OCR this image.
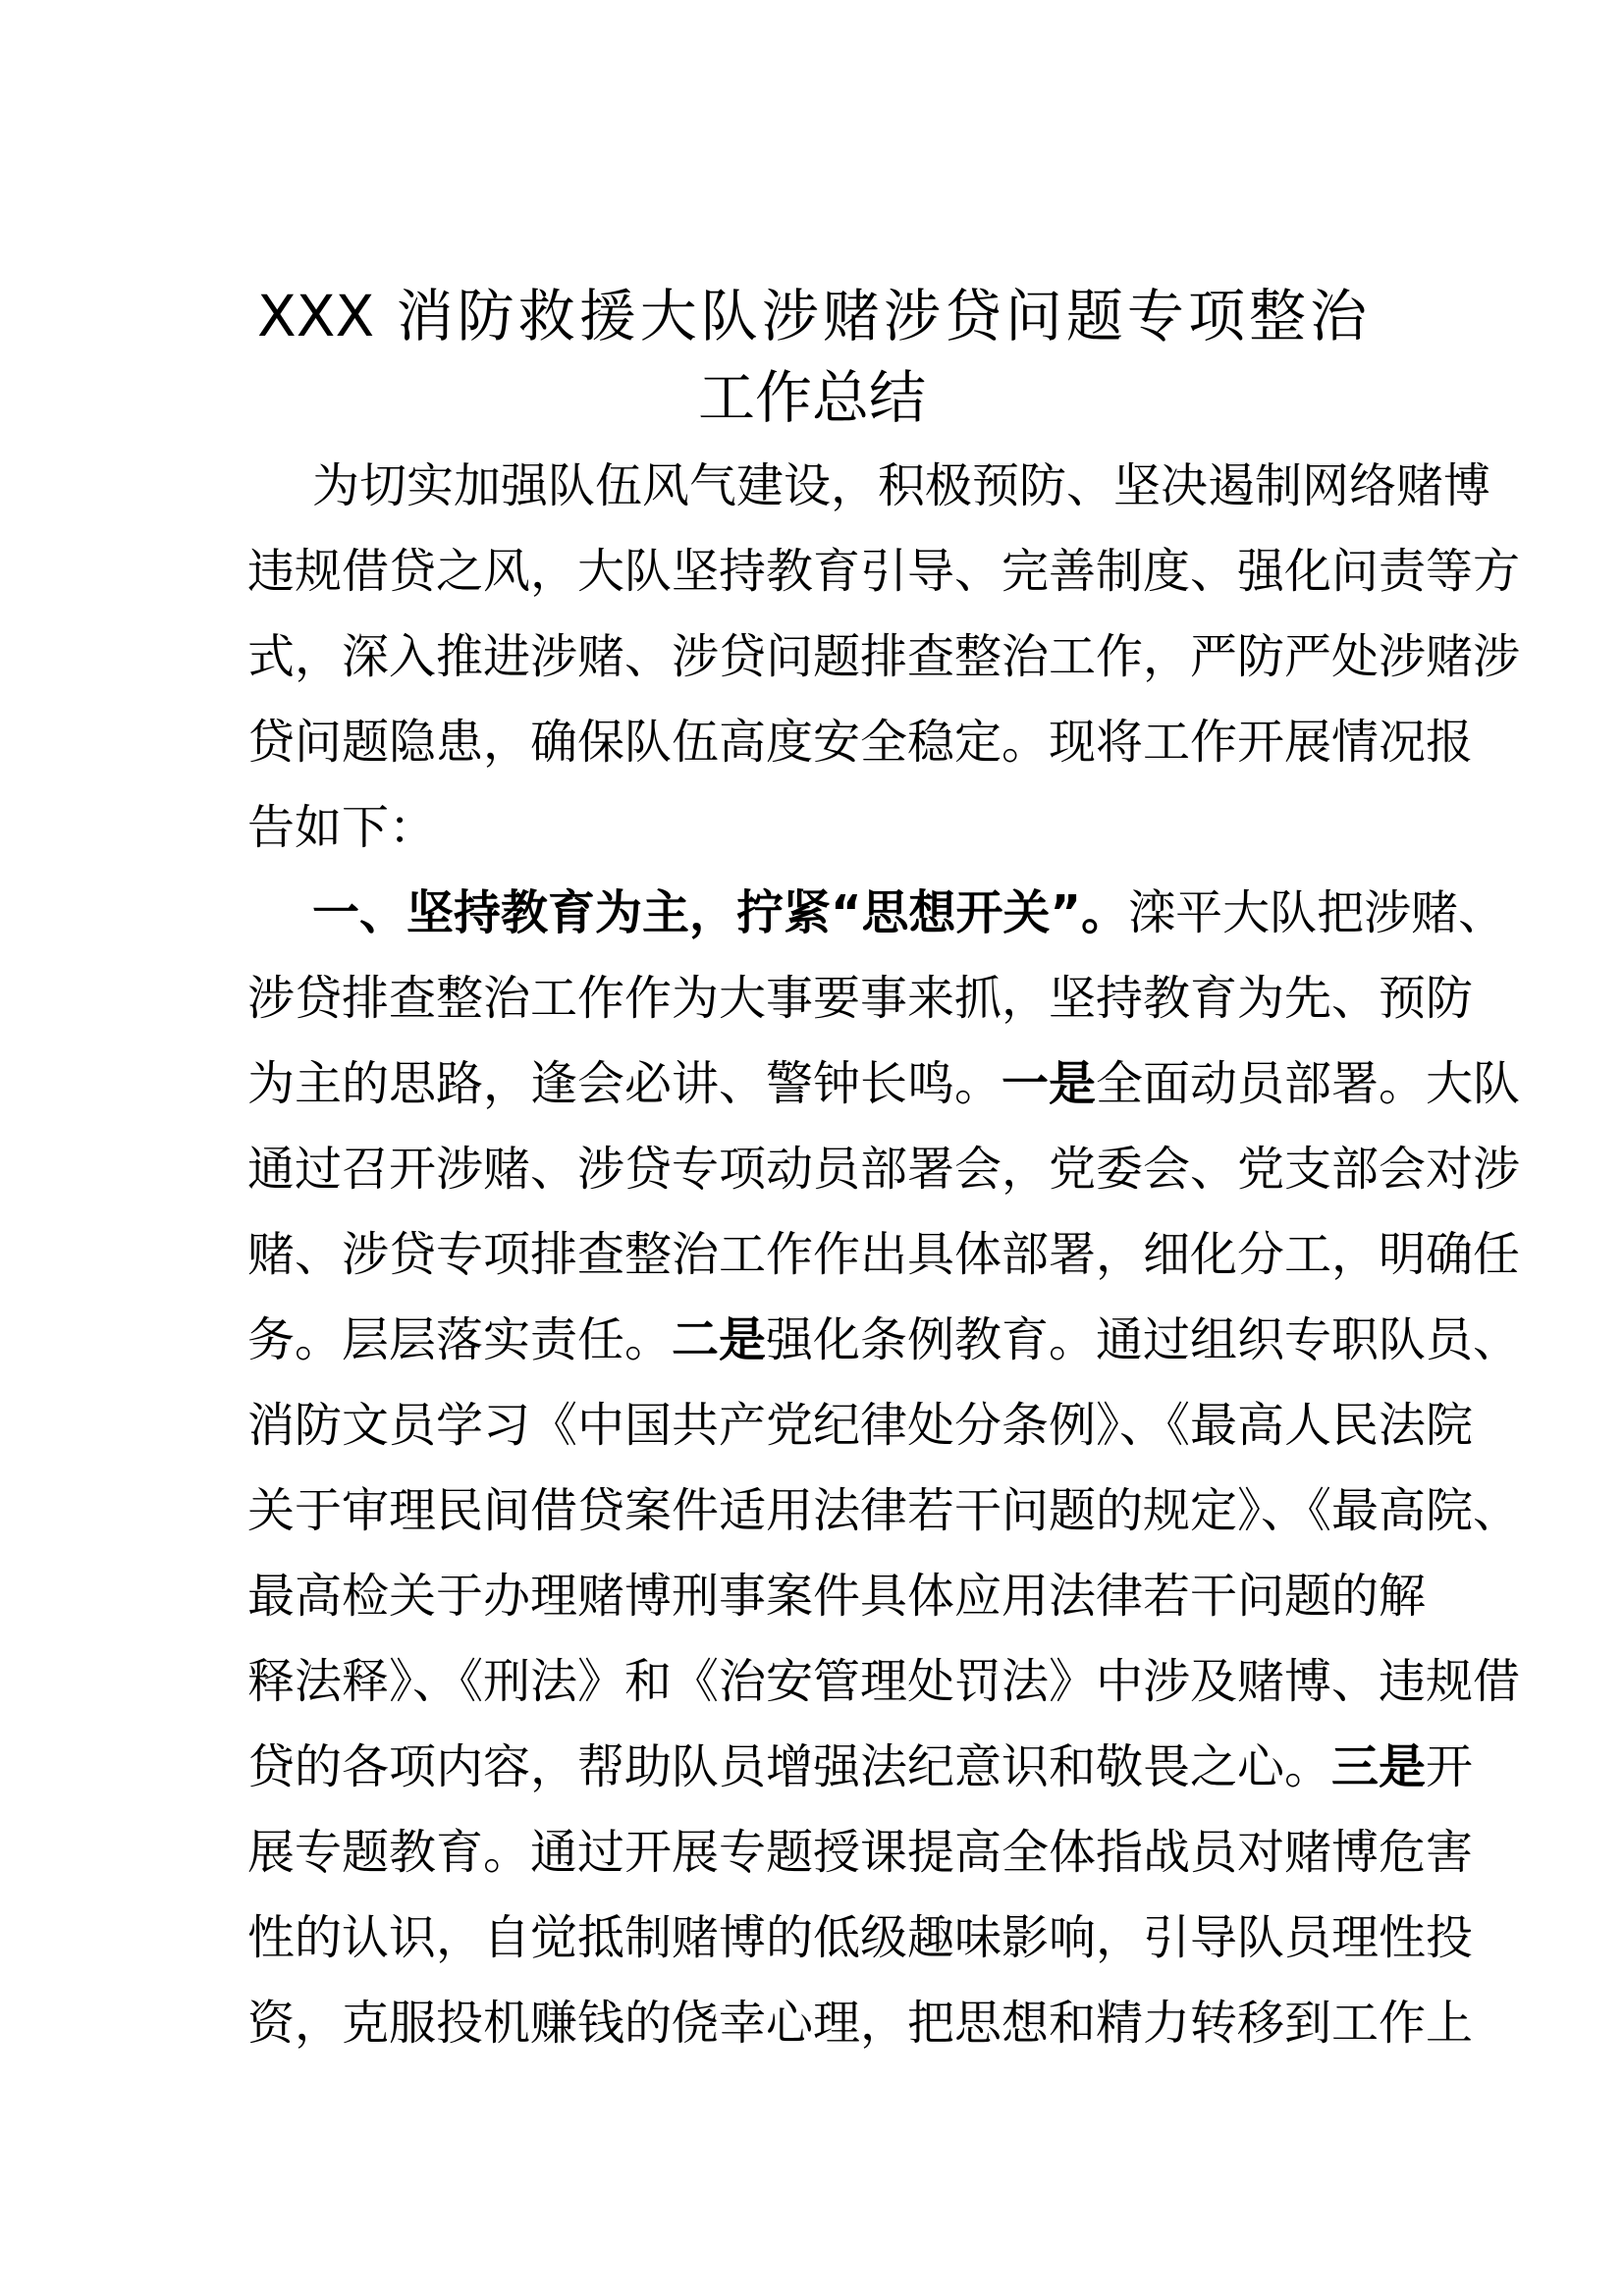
XXX 消防救援大队涉赌涉贷问题专项整治
工作总结
为切实加强队伍风气建设，积极预防、坚决遏制网络赌博
违规借贷之风，大队坚持教育引导、完善制度、强化问责等方
式，深入推进涉赌、涉贷问题排查整治工作，严防严处涉赌涉
贷问题隐患，确保队伍高度安全稳定。现将工作开展情况报
告如下：
一、坚持教育为主，拧紧“思想开关”。滦平大队把涉赌、
涉贷排查整治工作作为大事要事来抓，坚持教育为先、预防
为主的思路，逢会必讲、警钟长鸣。一是全面动员部署。大队
通过召开涉赌、涉贷专项动员部署会，党委会、党支部会对涉
赌、涉贷专项排查整治工作作出具体部署，细化分工，明确任
务。层层落实责任。二是强化条例教育。通过组织专职队员、
消防文员学习《中国共产党纪律处分条例》、《最高人民法院
关于审理民间借贷案件适用法律若干问题的规定》、《最高院、
最高检关于办理赌博刑事案件具体应用法律若干问题的解
释法释》、《刑法》和《治安管理处罚法》中涉及赌博、违规借
贷的各项内容，帮助队员增强法纪意识和敬畏之心。三是开
展专题教育。通过开展专题授课提高全体指战员对赌博危害
性的认识，自觉抵制赌博的低级趣味影响，引导队员理性投
资，克服投机赚钱的侥幸心理，把思想和精力转移到工作上
